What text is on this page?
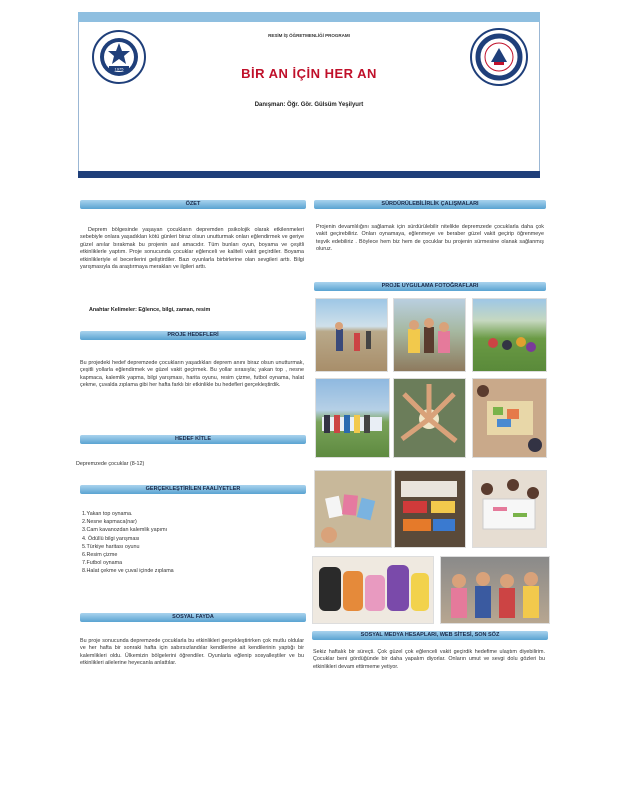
1975
RESİM İŞ ÖĞRETMENLİĞİ PROGRAMI
BİR AN İÇİN HER AN
Danışman: Öğr. Gör. Gülsüm Yeşilyurt
ÖZET
Deprem bölgesinde yaşayan çocukların depremden psikolojik olarak etkilenmeleri sebebiyle onlara yaşadıkları kötü günleri biraz olsun unutturmak onları eğlendirmek ve geriye güzel anılar bırakmak bu projenin asıl amacıdır. Tüm bunları oyun, boyama ve çeşitli etkinliklerle yaptım. Proje sonucunda çocuklar eğlenceli ve kaliteli vakit geçirdiler. Boyama etkinlikleriyle el becerilerini geliştirdiler. Bazı oyunlarla birbirlerine olan sevgileri arttı. Bilgi yarışmasıyla da araştırmaya merakları ve ilgileri arttı.
Anahtar Kelimeler: Eğlence, bilgi, zaman, resim
PROJE HEDEFLERİ
Bu projedeki hedef depremzede çocukların yaşadıkları deprem anını biraz olsun unutturmak, çeşitli yollarla eğlendirmek ve güzel vakit geçirmek. Bu yollar sırasıyla; yakan top , nesne kapmaca, kalemlik yapma, bilgi yarışması, harita oyunu, resim çizme, futbol oynama, halat çekme, çuvalda zıplama gibi her hafta farklı bir etkinlikle bu hedefleri gerçekleştirdik.
HEDEF KİTLE
Depremzede çocuklar (8-12)
GERÇEKLEŞTİRİLEN FAALİYETLER
1.Yakan top oynama.
2.Nesne kapmaca(nar)
3.Cam kavanozdan kalemlik yapımı
4. Ödüllü bilgi yarışması
5.Türkiye haritası oyunu
6.Resim çizme
7.Futbol oynama
8.Halat çekme ve çuval içinde zıplama
SOSYAL FAYDA
Bu proje sonucunda depremzede çocuklarla bu etkinlikleri gerçekleştirirken çok mutlu oldular ve her hafta bir sonraki hafta için sabırsızlandılar kendilerine ait kendilerinin yaptığı bir kalemlikleri oldu. Ülkemizin bölgelerini öğrendiler. Oyunlarla eğlenip sosyalleştiler ve bu etkinlikleri ailelerine heyecanla anlattılar.
SÜRDÜRÜLEBİLİRLİK ÇALIŞMALARI
Projenin devamlılığını sağlamak için sürdürülebilir nitelikte depremzede çocuklarla daha çok vakit geçirebiliriz. Onları oynamaya, eğlenmeye ve beraber güzel vakit geçirip öğrenmeye teşvik edebiliriz . Böylece hem biz hem de çocuklar bu projenin sürmesine olanak sağlanmış oluruz.
PROJE UYGULAMA FOTOĞRAFLARI
SOSYAL MEDYA HESAPLARI, WEB SİTESİ, SON SÖZ
Sekiz haftalık bir süreçti. Çok güzel çok eğlenceli vakit geçirdik hedefime ulaştım diyebilirim. Çocuklar beni gördüğünde bir daha yapalım diyorlar. Onların umut ve sevgi dolu gözleri bu etkinlikleri devam ettirmeme yetiyor.
